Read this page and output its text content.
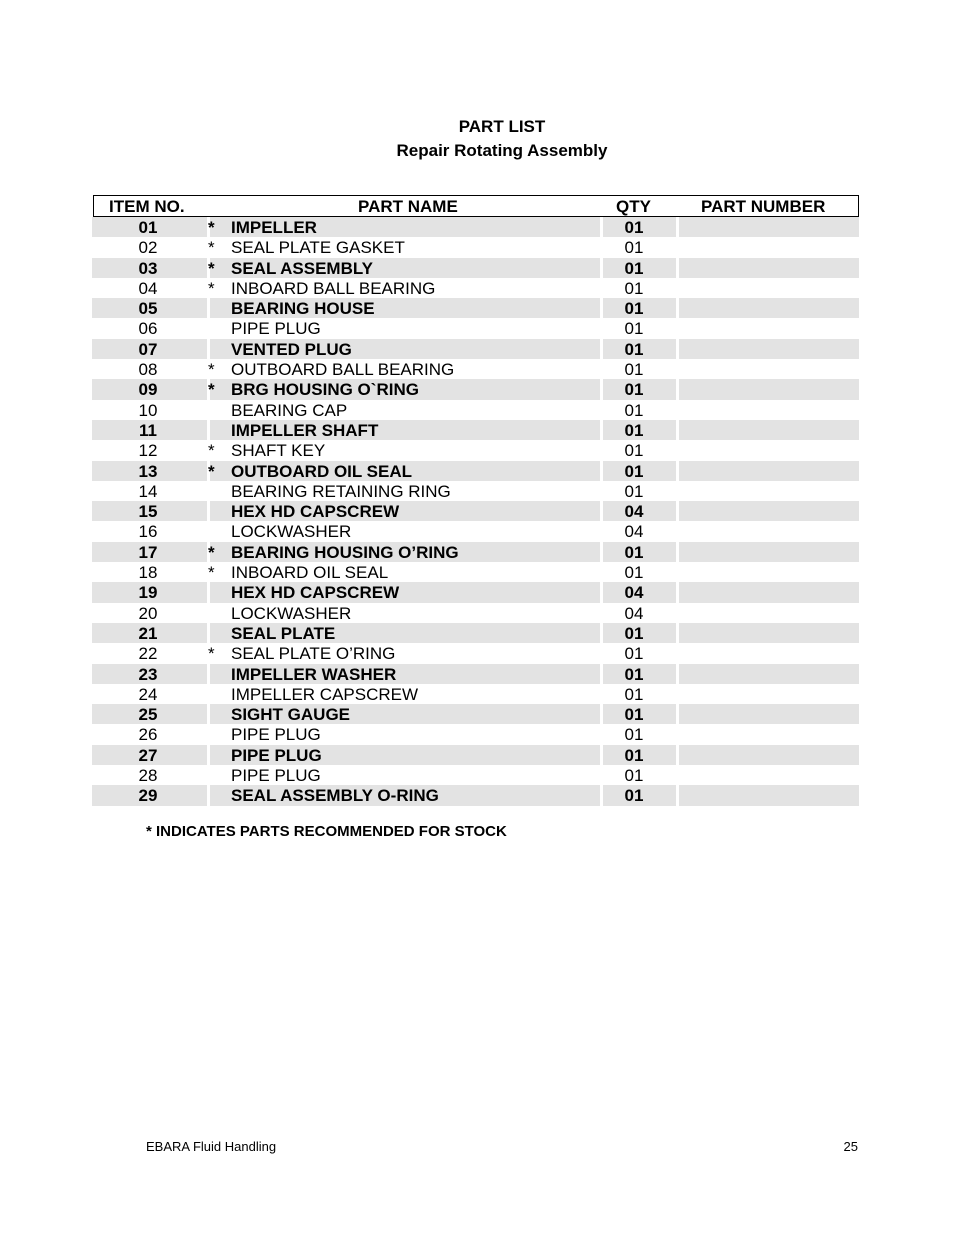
PART LIST
Repair Rotating Assembly
ITEM NO.	PART NAME	QTY	PART NUMBER
01	* IMPELLER	01
02	* SEAL PLATE GASKET	01
03	* SEAL ASSEMBLY	01
04	* INBOARD BALL BEARING	01
05	BEARING HOUSE	01
06	PIPE PLUG	01
07	VENTED PLUG	01
08	* OUTBOARD BALL BEARING	01
09	* BRG HOUSING O`RING	01
10	BEARING CAP	01
11	IMPELLER SHAFT	01
12	* SHAFT KEY	01
13	* OUTBOARD OIL SEAL	01
14	BEARING RETAINING RING	01
15	HEX HD CAPSCREW	04
16	LOCKWASHER	04
17	* BEARING HOUSING O’RING	01
18	* INBOARD OIL SEAL	01
19	HEX HD CAPSCREW	04
20	LOCKWASHER	04
21	SEAL PLATE	01
22	* SEAL PLATE O’RING	01
23	IMPELLER WASHER	01
24	IMPELLER CAPSCREW	01
25	SIGHT GAUGE	01
26	PIPE PLUG	01
27	PIPE PLUG	01
28	PIPE PLUG	01
29	SEAL ASSEMBLY O-RING	01
* INDICATES PARTS RECOMMENDED FOR STOCK
EBARA Fluid Handling	25
